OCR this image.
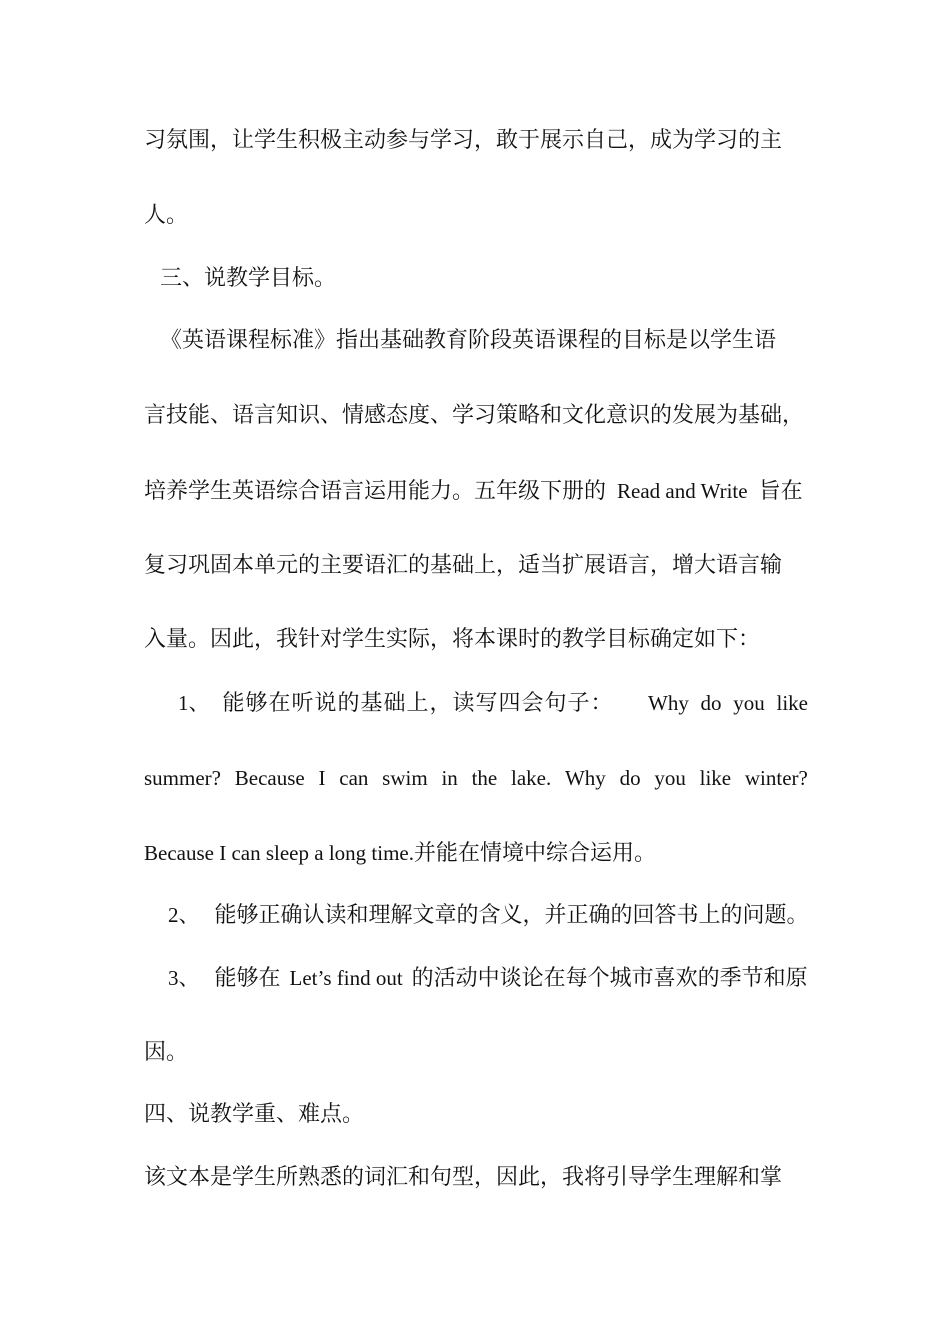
习氛围，让学生积极主动参与学习，敢于展示自己，成为学习的主
人。
三、说教学目标。
《英语课程标准》指出基础教育阶段英语课程的目标是以学生语
言技能、语言知识、情感态度、学习策略和文化意识的发展为基础，
培养学生英语综合语言运用能力。五年级下册的 Read and Write 旨在
复习巩固本单元的主要语汇的基础上，适当扩展语言，增大语言输
入量。因此，我针对学生实际，将本课时的教学目标确定如下：
1、 能够在听说的基础上，读写四会句子： Why do you like
summer? Because I can swim in the lake. Why do you like winter?
Because I can sleep a long time.并能在情境中综合运用。
2、 能够正确认读和理解文章的含义，并正确的回答书上的问题。
3、 能够在 Let’s find out 的活动中谈论在每个城市喜欢的季节和原
因。
四、说教学重、难点。
该文本是学生所熟悉的词汇和句型，因此，我将引导学生理解和掌
